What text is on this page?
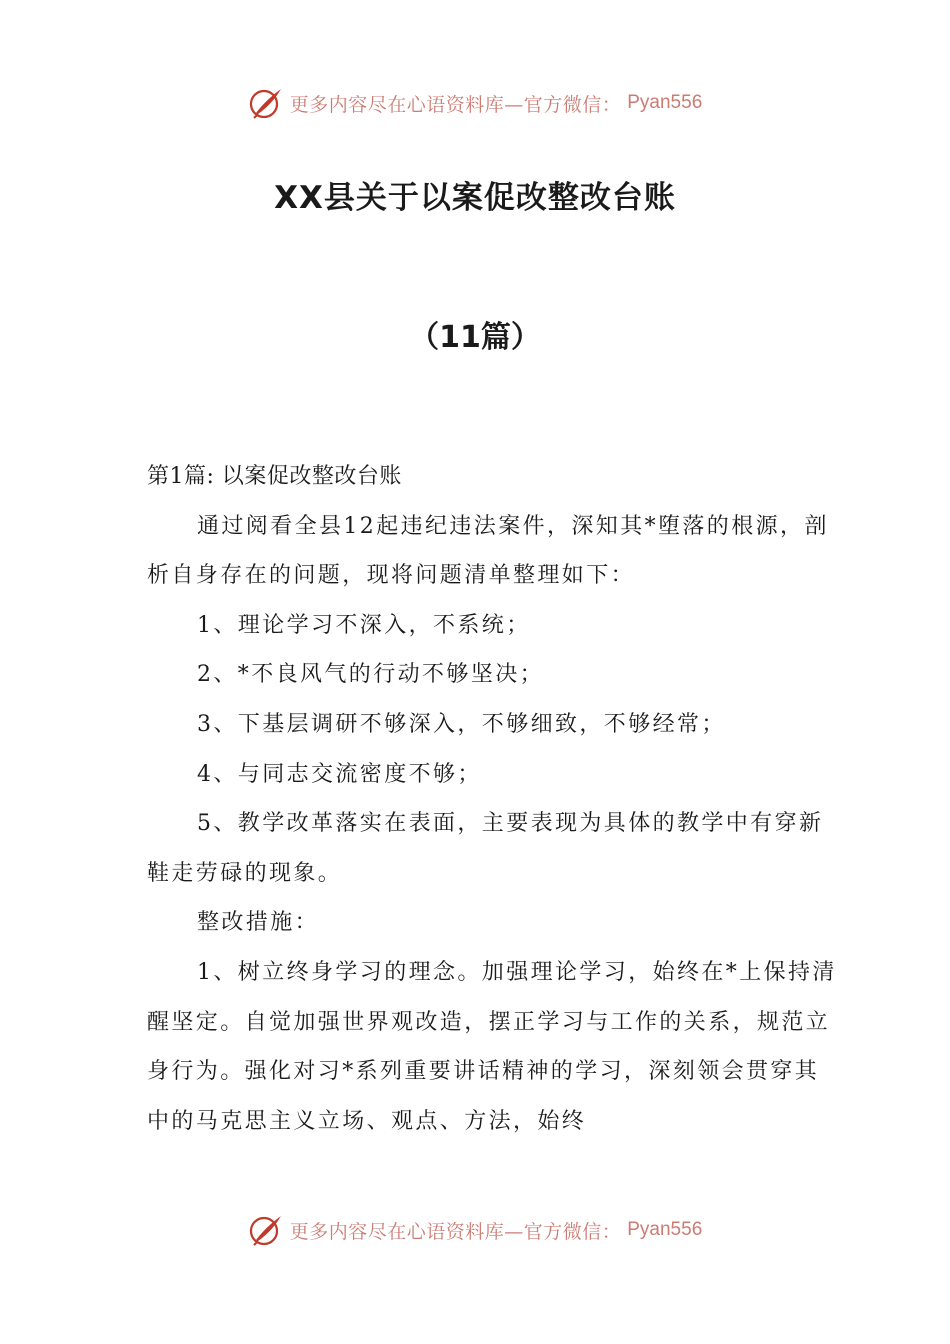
更多内容尽在心语资料库—官方微信： Pyan556
XX县关于以案促改整改台账
（11篇）

第1篇: 以案促改整改台账

通过阅看全县12起违纪违法案件，深知其*堕落的根源，剖析自身存在的问题，现将问题清单整理如下：

1、理论学习不深入，不系统；

2、*不良风气的行动不够坚决；

3、下基层调研不够深入，不够细致，不够经常；

4、与同志交流密度不够；

5、教学改革落实在表面，主要表现为具体的教学中有穿新鞋走劳碌的现象。

整改措施：

1、树立终身学习的理念。加强理论学习，始终在*上保持清醒坚定。自觉加强世界观改造，摆正学习与工作的关系，规范立身行为。强化对习*系列重要讲话精神的学习，深刻领会贯穿其中的马克思主义立场、观点、方法，始终

更多内容尽在心语资料库—官方微信： Pyan556
